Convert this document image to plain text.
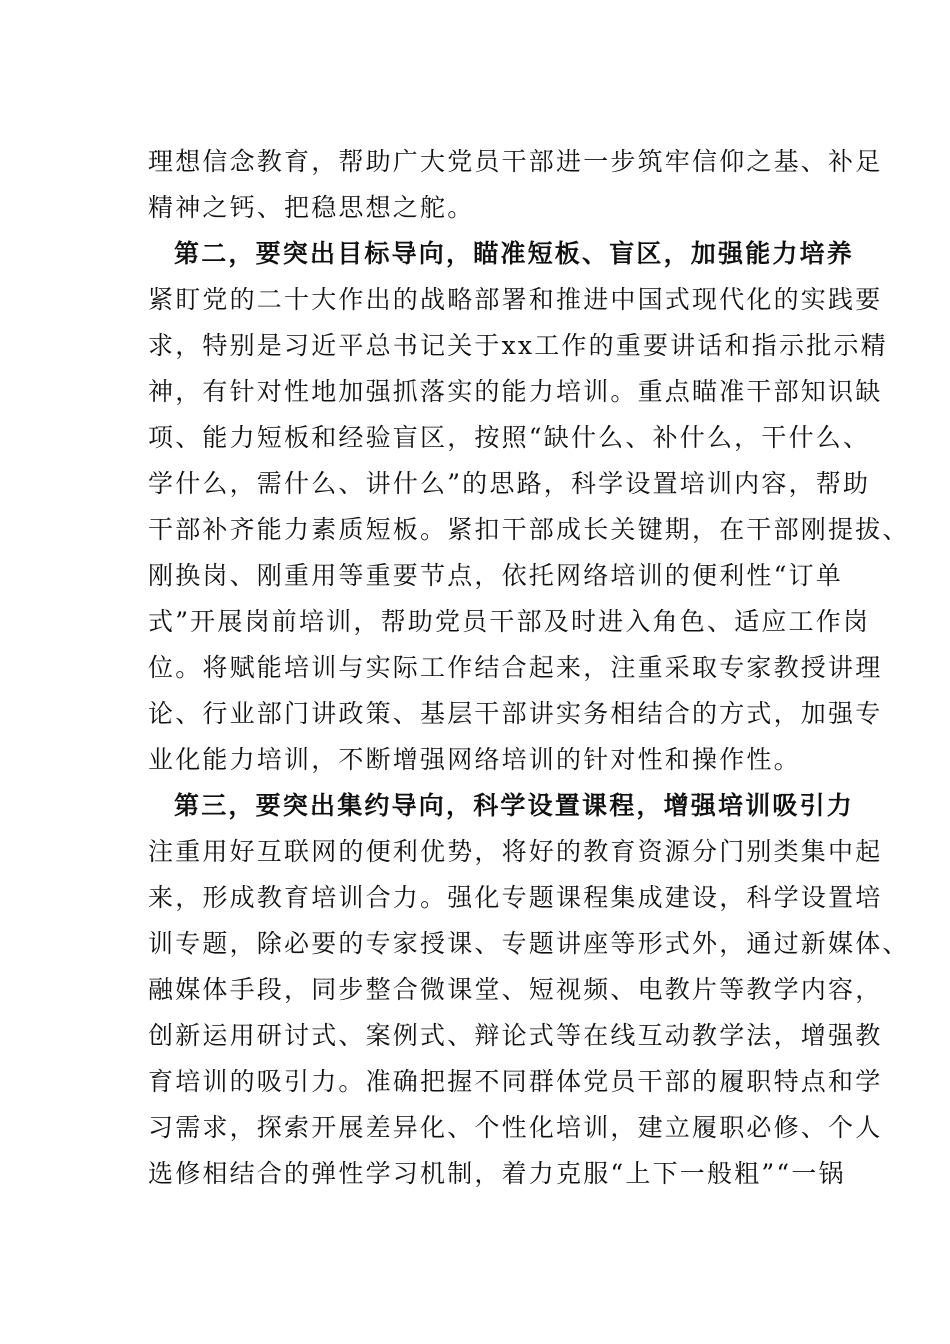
理想信念教育，帮助广大党员干部进一步筑牢信仰之基、补足
精神之钙、把稳思想之舵。
第二，要突出目标导向，瞄准短板、盲区，加强能力培养
紧盯党的二十大作出的战略部署和推进中国式现代化的实践要
求，特别是习近平总书记关于xx工作的重要讲话和指示批示精
神，有针对性地加强抓落实的能力培训。重点瞄准干部知识缺
项、能力短板和经验盲区，按照“缺什么、补什么，干什么、
学什么，需什么、讲什么”的思路，科学设置培训内容，帮助
干部补齐能力素质短板。紧扣干部成长关键期，在干部刚提拔、
刚换岗、刚重用等重要节点，依托网络培训的便利性“订单
式”开展岗前培训，帮助党员干部及时进入角色、适应工作岗
位。将赋能培训与实际工作结合起来，注重采取专家教授讲理
论、行业部门讲政策、基层干部讲实务相结合的方式，加强专
业化能力培训，不断增强网络培训的针对性和操作性。
第三，要突出集约导向，科学设置课程，增强培训吸引力
注重用好互联网的便利优势，将好的教育资源分门别类集中起
来，形成教育培训合力。强化专题课程集成建设，科学设置培
训专题，除必要的专家授课、专题讲座等形式外，通过新媒体、
融媒体手段，同步整合微课堂、短视频、电教片等教学内容，
创新运用研讨式、案例式、辩论式等在线互动教学法，增强教
育培训的吸引力。准确把握不同群体党员干部的履职特点和学
习需求，探索开展差异化、个性化培训，建立履职必修、个人
选修相结合的弹性学习机制，着力克服“上下一般粗”“一锅
